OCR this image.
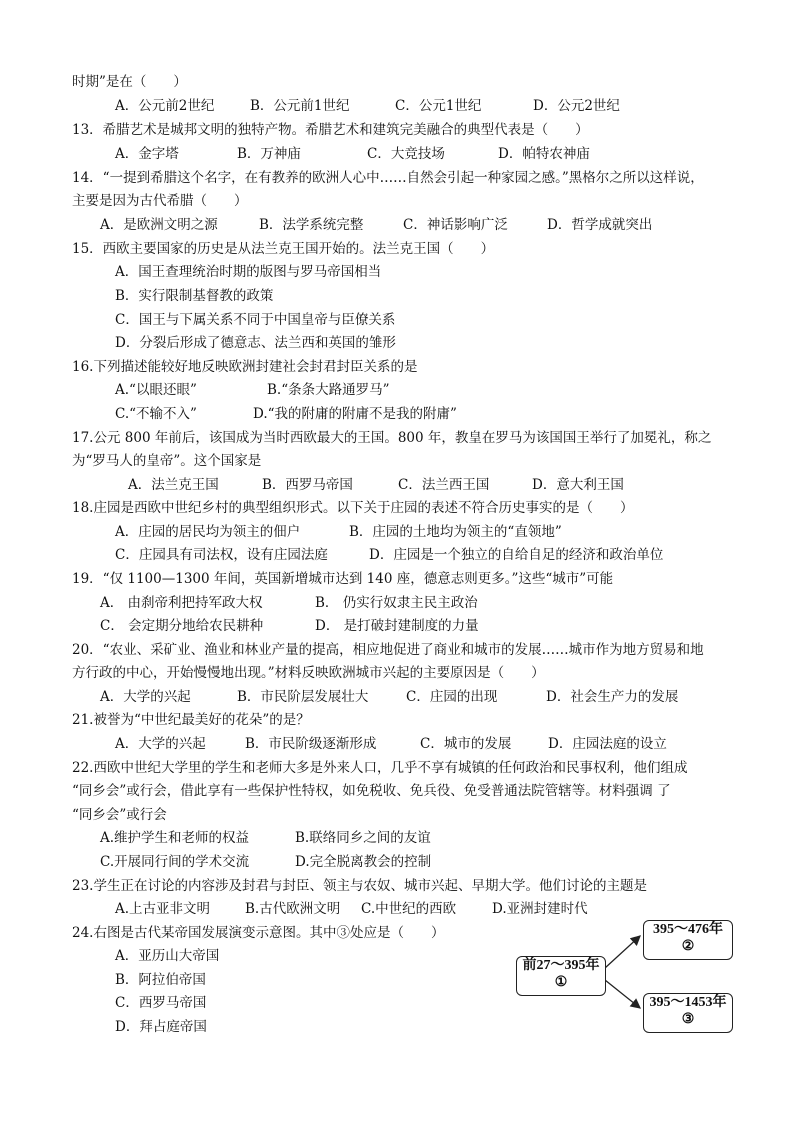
时期”是在（　　）
A．公元前2世纪	B．公元前1世纪	C．公元1世纪	D．公元2世纪
13．希腊艺术是城邦文明的独特产物。希腊艺术和建筑完美融合的典型代表是（　　）
A．金字塔	B．万神庙	C．大竞技场	D．帕特农神庙
14．“一提到希腊这个名字，在有教养的欧洲人心中……自然会引起一种家园之感。”黑格尔之所以这样说，
主要是因为古代希腊（　　）
A．是欧洲文明之源	B．法学系统完整	C．神话影响广泛	D．哲学成就突出
15．西欧主要国家的历史是从法兰克王国开始的。法兰克王国（　　）
A．国王查理统治时期的版图与罗马帝国相当
B．实行限制基督教的政策
C．国王与下属关系不同于中国皇帝与臣僚关系
D．分裂后形成了德意志、法兰西和英国的雏形
16.下列描述能较好地反映欧洲封建社会封君封臣关系的是
A.“以眼还眼”	B.“条条大路通罗马”
C.“不输不入”	D.“我的附庸的附庸不是我的附庸”
17.公元 800 年前后，该国成为当时西欧最大的王国。800 年，教皇在罗马为该国国王举行了加冕礼，称之
为“罗马人的皇帝”。这个国家是
A．法兰克王国	B．西罗马帝国	C．法兰西王国	D．意大利王国
18.庄园是西欧中世纪乡村的典型组织形式。以下关于庄园的表述不符合历史事实的是（　　）
A．庄园的居民均为领主的佃户	B．庄园的土地均为领主的“直领地”
C．庄园具有司法权，设有庄园法庭	D．庄园是一个独立的自给自足的经济和政治单位
19．“仅 1100—1300 年间，英国新增城市达到 140 座，德意志则更多。”这些“城市”可能
A． 由刹帝利把持军政大权	B． 仍实行奴隶主民主政治
C． 会定期分地给农民耕种	D． 是打破封建制度的力量
20．“农业、采矿业、渔业和林业产量的提高，相应地促进了商业和城市的发展……城市作为地方贸易和地
方行政的中心，开始慢慢地出现。”材料反映欧洲城市兴起的主要原因是（　　）
A．大学的兴起	B．市民阶层发展壮大	C．庄园的出现	D．社会生产力的发展
21.被誉为“中世纪最美好的花朵”的是？
A．大学的兴起	B．市民阶级逐渐形成	C．城市的发展	D．庄园法庭的设立
22.西欧中世纪大学里的学生和老师大多是外来人口，几乎不享有城镇的任何政治和民事权利，他们组成
“同乡会”或行会，借此享有一些保护性特权，如免税收、免兵役、免受普通法院管辖等。材料强调 了
“同乡会”或行会
A.维护学生和老师的权益	B.联络同乡之间的友谊
C.开展同行间的学术交流	D.完全脱离教会的控制
23.学生正在讨论的内容涉及封君与封臣、领主与农奴、城市兴起、早期大学。他们讨论的主题是
A.上古亚非文明	B.古代欧洲文明 C.中世纪的西欧	D.亚洲封建时代
24.右图是古代某帝国发展演变示意图。其中③处应是（　　）
A．亚历山大帝国
B．阿拉伯帝国
C．西罗马帝国
D．拜占庭帝国
前27～395年
①
395～476年
②
395～1453年
③
